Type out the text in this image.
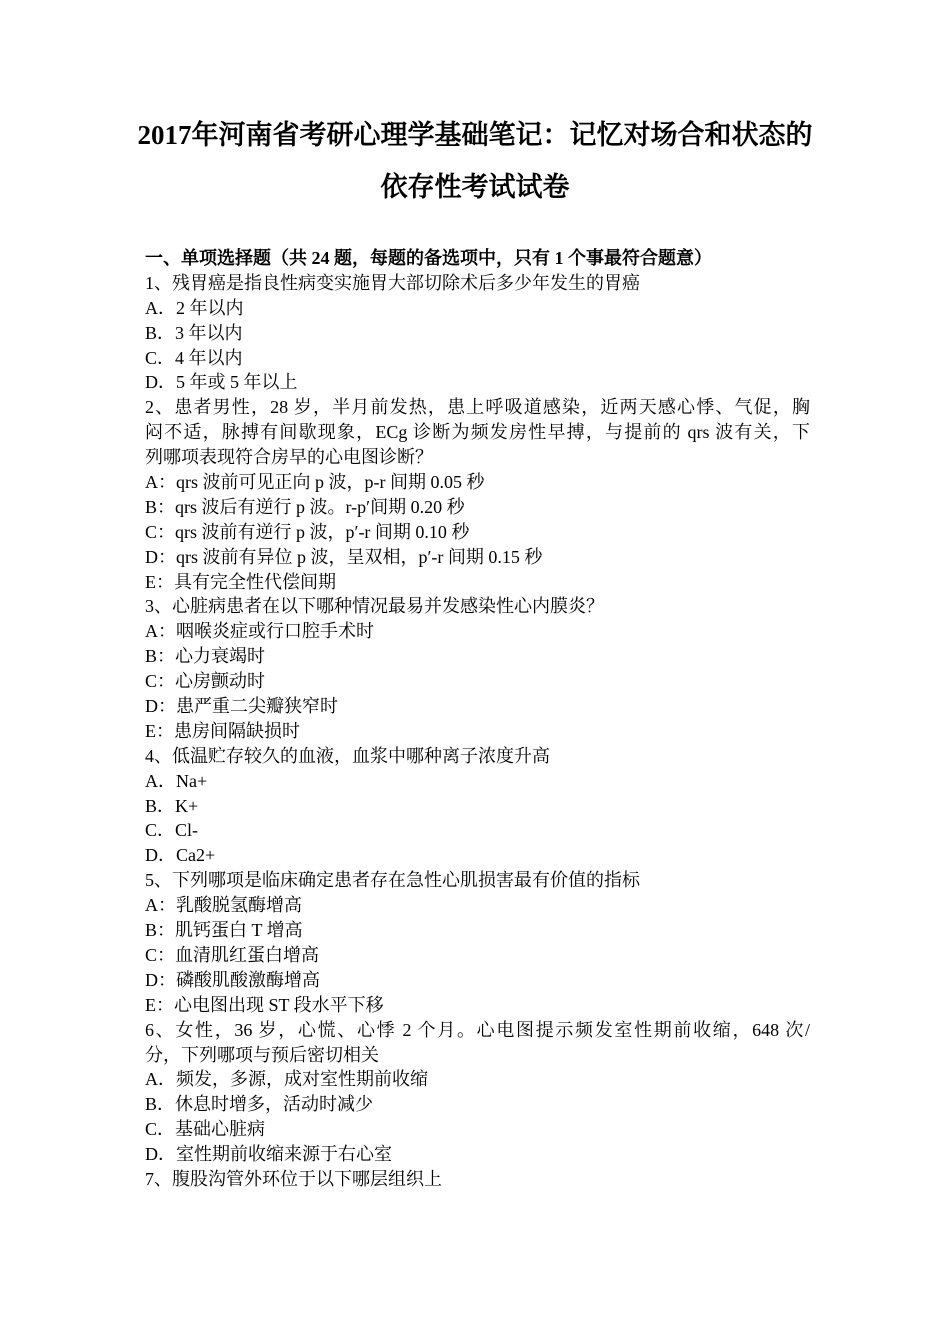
2017年河南省考研心理学基础笔记：记忆对场合和状态的
依存性考试试卷
一、单项选择题（共 24 题，每题的备选项中，只有 1 个事最符合题意）
1、残胃癌是指良性病变实施胃大部切除术后多少年发生的胃癌
A．2 年以内
B．3 年以内
C．4 年以内
D．5 年或 5 年以上
2、患者男性，28 岁，半月前发热，患上呼吸道感染，近两天感心悸、气促，胸
闷不适，脉搏有间歇现象，ECg 诊断为频发房性早搏，与提前的 qrs 波有关，下
列哪项表现符合房早的心电图诊断？
A：qrs 波前可见正向 p 波，p-r 间期 0.05 秒
B：qrs 波后有逆行 p 波。r-p′间期 0.20 秒
C：qrs 波前有逆行 p 波，p′-r 间期 0.10 秒
D：qrs 波前有异位 p 波，呈双相，p′-r 间期 0.15 秒
E：具有完全性代偿间期
3、心脏病患者在以下哪种情况最易并发感染性心内膜炎？
A：咽喉炎症或行口腔手术时
B：心力衰竭时
C：心房颤动时
D：患严重二尖瓣狭窄时
E：患房间隔缺损时
4、低温贮存较久的血液，血浆中哪种离子浓度升高
A．Na+
B．K+
C．Cl-
D．Ca2+
5、下列哪项是临床确定患者存在急性心肌损害最有价值的指标
A：乳酸脱氢酶增高
B：肌钙蛋白 T 增高
C：血清肌红蛋白增高
D：磷酸肌酸激酶增高
E：心电图出现 ST 段水平下移
6、女性，36 岁，心慌、心悸 2 个月。心电图提示频发室性期前收缩，648 次/
分，下列哪项与预后密切相关
A．频发，多源，成对室性期前收缩
B．休息时增多，活动时减少
C．基础心脏病
D．室性期前收缩来源于右心室
7、腹股沟管外环位于以下哪层组织上
